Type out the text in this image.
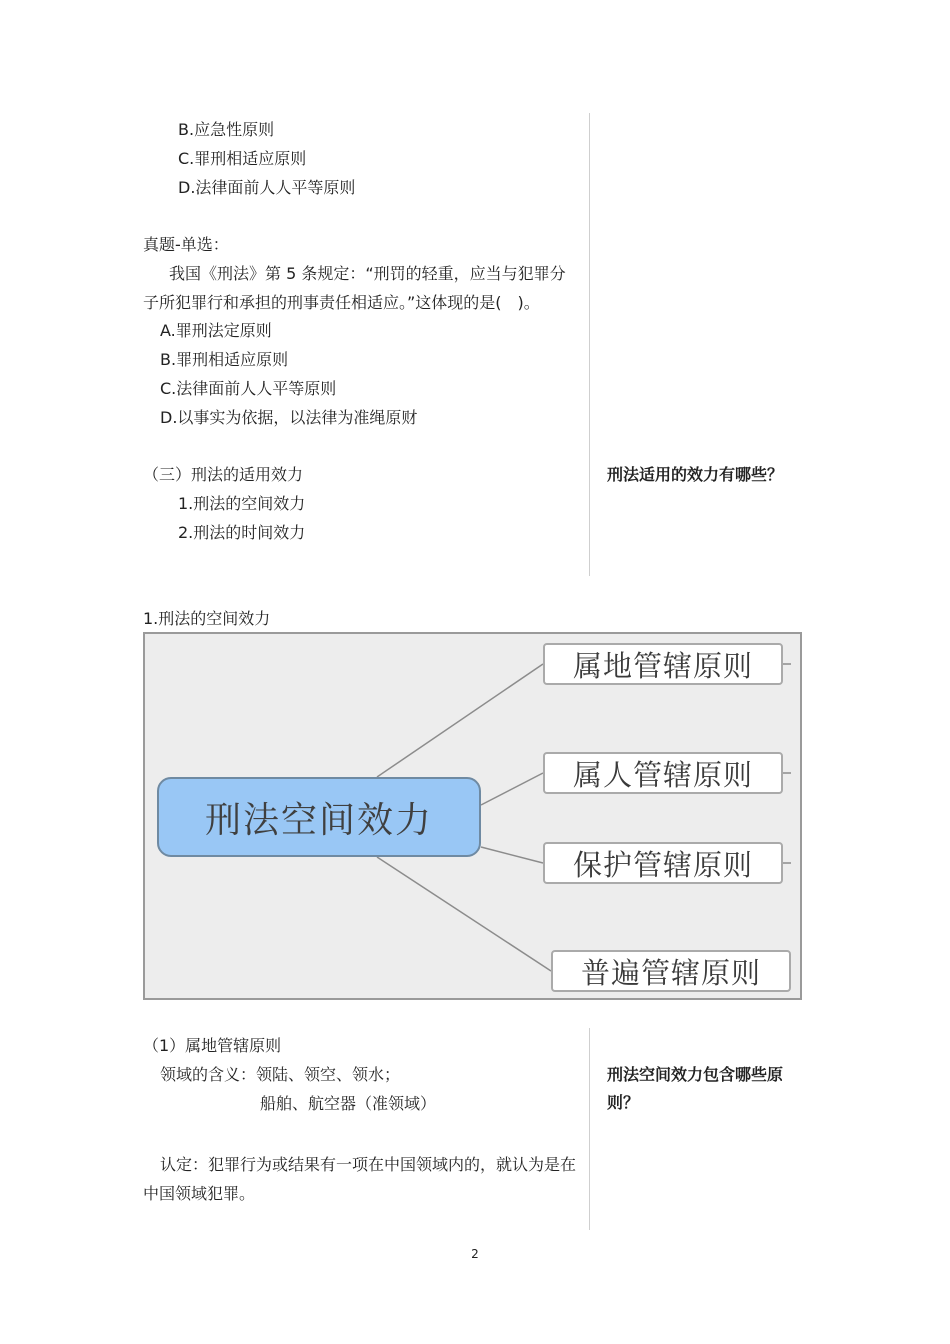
B.应急性原则

C.罪刑相适应原则

D.法律面前人人平等原则

真题-单选：

我国《刑法》第 5 条规定：“刑罚的轻重，应当与犯罪分

子所犯罪行和承担的刑事责任相适应。”这体现的是(　)。

A.罪刑法定原则

B.罪刑相适应原则

C.法律面前人人平等原则

D.以事实为依据，以法律为准绳原财

（三）刑法的适用效力

1.刑法的空间效力

2.刑法的时间效力

刑法适用的效力有哪些？

1.刑法的空间效力

刑法空间效力
属地管辖原则
属人管辖原则
保护管辖原则
普遍管辖原则

（1）属地管辖原则

领域的含义：领陆、领空、领水；

船舶、航空器（准领域）

认定：犯罪行为或结果有一项在中国领域内的，就认为是在中国领域犯罪。

刑法空间效力包含哪些原则？
2
